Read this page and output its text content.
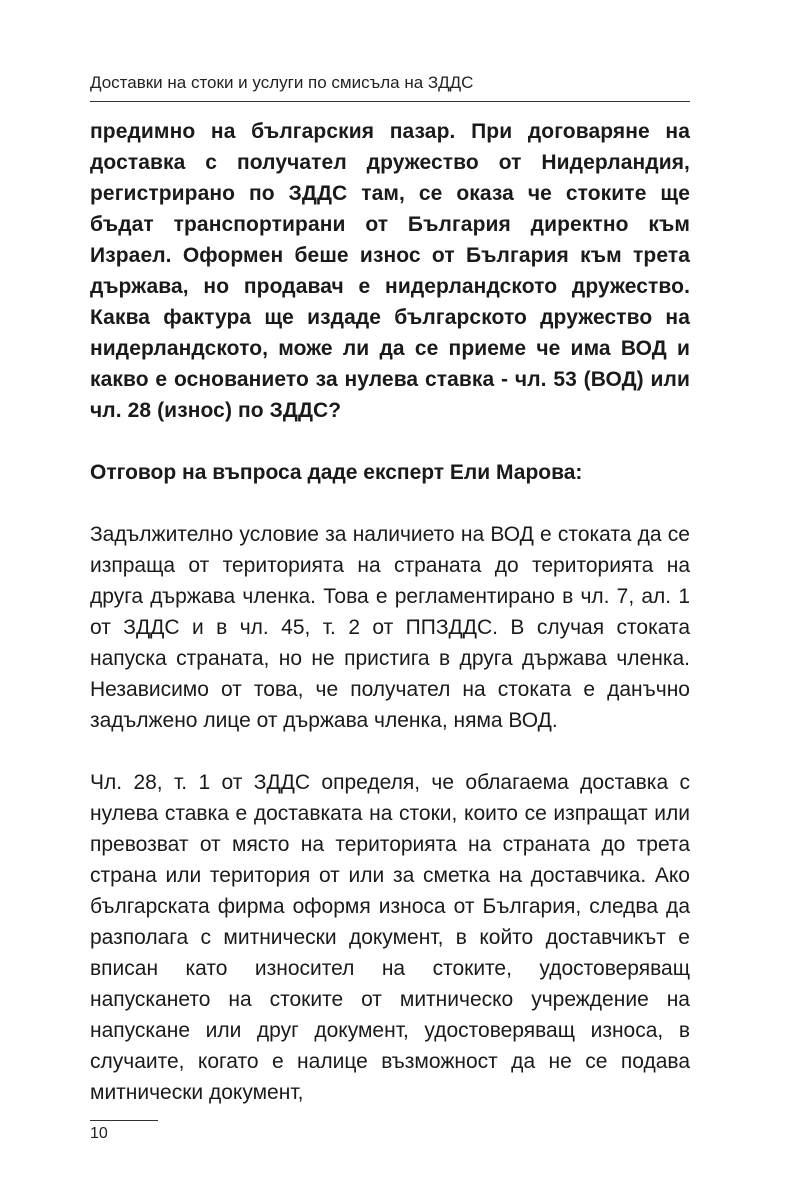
Доставки на стоки и услуги по смисъла на ЗДДС

предимно на българския пазар. При договаряне на доставка с получател дружество от Нидерландия, регистрирано по ЗДДС там, се оказа че стоките ще бъдат транспортирани от България директно към Израел. Оформен беше износ от България към трета държава, но продавач е нидерландското дружество. Каква фактура ще издаде българското дружество на нидерландското, може ли да се приеме че има ВОД и какво е основанието за нулева ставка - чл. 53 (ВОД) или чл. 28 (износ) по ЗДДС?

Отговор на въпроса даде експерт Ели Марова:

Задължително условие за наличието на ВОД е стоката да се изпраща от територията на страната до територията на друга държава членка. Това е регламентирано в чл. 7, ал. 1 от ЗДДС и в чл. 45, т. 2 от ППЗДДС. В случая стоката напуска страната, но не пристига в друга държава членка. Независимо от това, че получател на стоката е данъчно задължено лице от държава членка, няма ВОД.

Чл. 28, т. 1 от ЗДДС определя, че облагаема доставка с нулева ставка е доставката на стоки, които се изпращат или превозват от място на територията на страната до трета страна или територия от или за сметка на доставчика. Ако българската фирма оформя износа от България, следва да разполага с митнически документ, в който доставчикът е вписан като износител на стоките, удостоверяващ напускането на стоките от митническо учреждение на напускане или друг документ, удостоверяващ износа, в случаите, когато е налице възможност да не се подава митнически документ,

10
